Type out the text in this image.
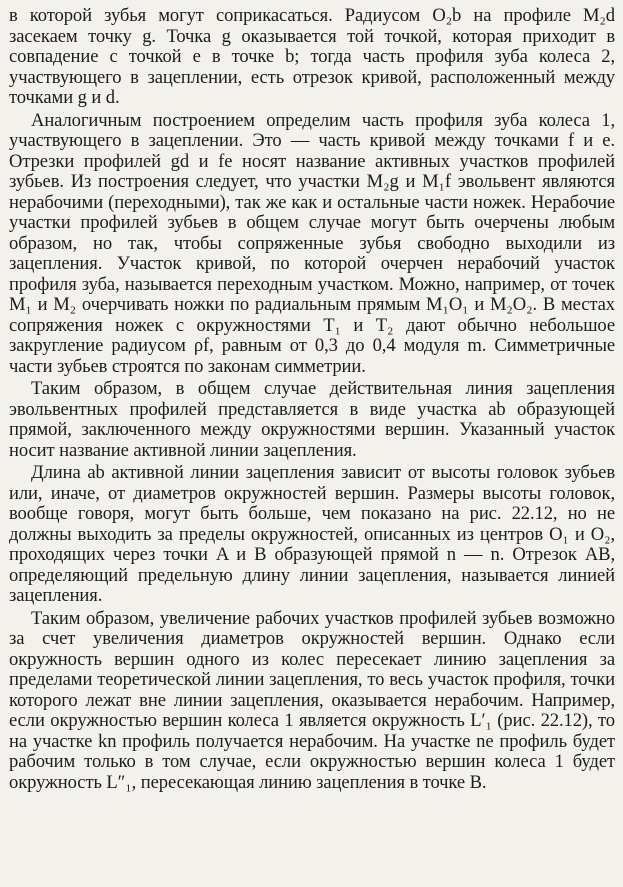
в которой зубья могут соприкасаться. Радиусом O₂b на профиле M₂d засекаем точку g. Точка g оказывается той точкой, которая приходит в совпадение с точкой e в точке b; тогда часть профиля зуба колеса 2, участвующего в зацеплении, есть отрезок кривой, расположенный между точками g и d.

Аналогичным построением определим часть профиля зуба колеса 1, участвующего в зацеплении. Это — часть кривой между точками f и e. Отрезки профилей gd и fe носят название активных участков профилей зубьев. Из построения следует, что участки M₂g и M₁f эвольвент являются нерабочими (переходными), так же как и остальные части ножек. Нерабочие участки профилей зубьев в общем случае могут быть очерчены любым образом, но так, чтобы сопряженные зубья свободно выходили из зацепления. Участок кривой, по которой очерчен нерабочий участок профиля зуба, называется переходным участком. Можно, например, от точек M₁ и M₂ очерчивать ножки по радиальным прямым M₁O₁ и M₂O₂. В местах сопряжения ножек с окружностями T₁ и T₂ дают обычно небольшое закругление радиусом ρf, равным от 0,3 до 0,4 модуля m. Симметричные части зубьев строятся по законам симметрии.

Таким образом, в общем случае действительная линия зацепления эвольвентных профилей представляется в виде участка ab образующей прямой, заключенного между окружностями вершин. Указанный участок носит название активной линии зацепления.

Длина ab активной линии зацепления зависит от высоты головок зубьев или, иначе, от диаметров окружностей вершин. Размеры высоты головок, вообще говоря, могут быть больше, чем показано на рис. 22.12, но не должны выходить за пределы окружностей, описанных из центров O₁ и O₂, проходящих через точки A и B образующей прямой n — n. Отрезок AB, определяющий предельную длину линии зацепления, называется линией зацепления.

Таким образом, увеличение рабочих участков профилей зубьев возможно за счет увеличения диаметров окружностей вершин. Однако если окружность вершин одного из колес пересекает линию зацепления за пределами теоретической линии зацепления, то весь участок профиля, точки которого лежат вне линии зацепления, оказывается нерабочим. Например, если окружностью вершин колеса 1 является окружность L′₁ (рис. 22.12), то на участке kn профиль получается нерабочим. На участке ne профиль будет рабочим только в том случае, если окружностью вершин колеса 1 будет окружность L″₁, пересекающая линию зацепления в точке B.
